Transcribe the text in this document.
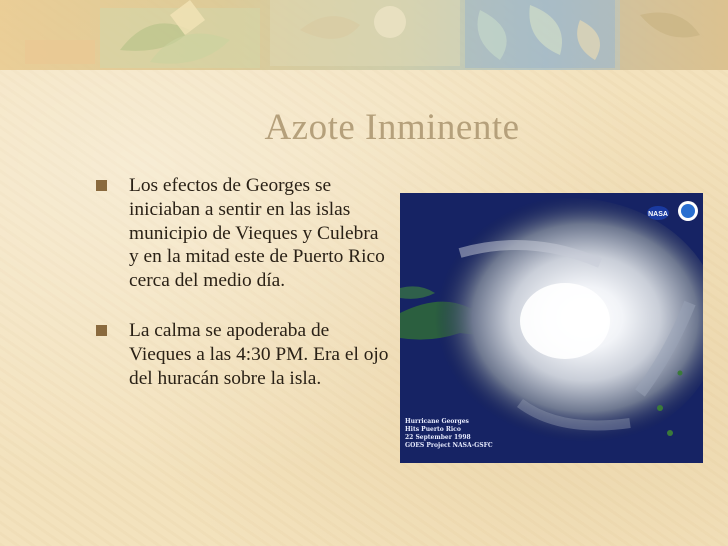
Azote Inminente
Los efectos de Georges se iniciaban a sentir en las islas municipio de Vieques y Culebra y en la mitad este de Puerto Rico cerca del medio día.
La calma se apoderaba de Vieques a las 4:30 PM. Era el ojo del huracán sobre la isla.
NASA
Hurricane Georges
Hits Puerto Rico
22 September 1998
GOES Project NASA-GSFC
